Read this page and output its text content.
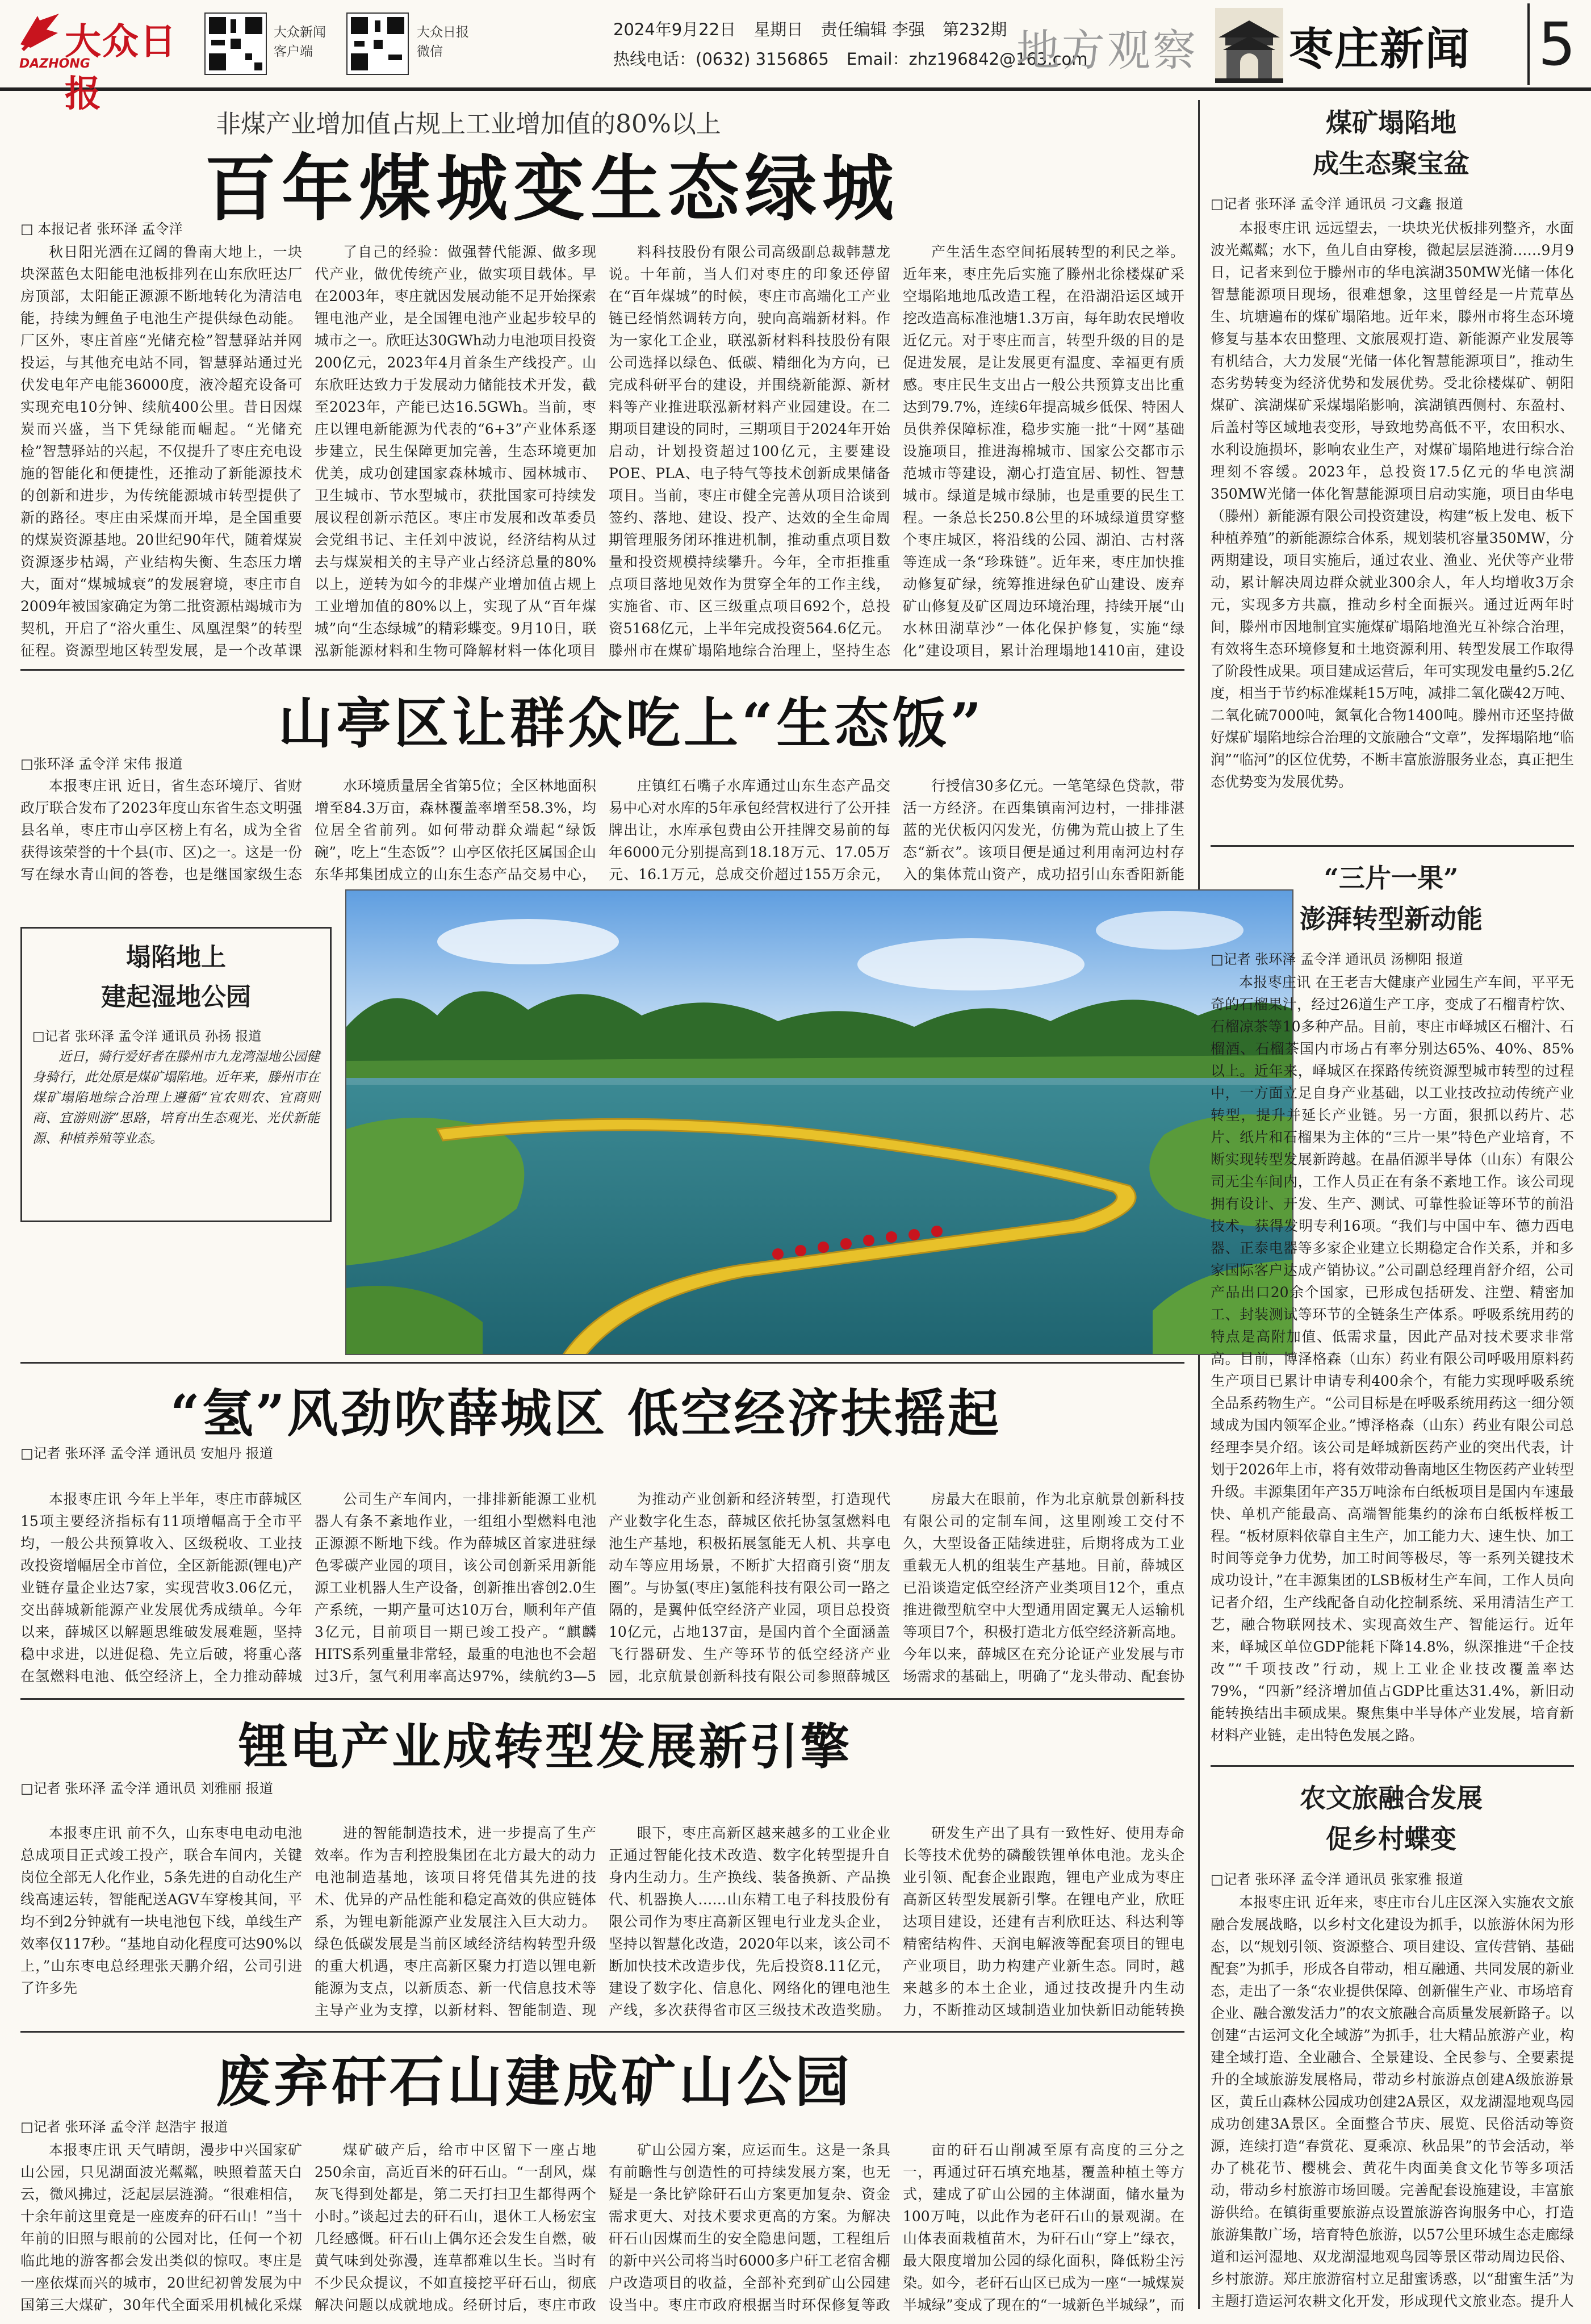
大众日报
DAZHONG
大众新闻客户端
大众日报微信
2024年9月22日 星期日 责任编辑 李强 第232期
热线电话：(0632) 3156865 Email：zhz196842@163.com
地方观察 枣庄新闻 5
非煤产业增加值占规上工业增加值的80%以上
百年煤城变生态绿城
□ 本报记者 张环泽 孟令洋
秋日阳光洒在辽阔的鲁南大地上，一块块深蓝色太阳能电池板排列在山东欣旺达厂房顶部，太阳能正源源不断地转化为清洁电能，持续为鲤鱼子电池生产提供绿色动能。厂区外，枣庄首座“光储充检”智慧驿站并网投运，与其他充电站不同，智慧驿站通过光伏发电年产电能36000度，液冷超充设备可实现充电10分钟、续航400公里。昔日因煤炭而兴盛，当下凭绿能而崛起。“光储充检”智慧驿站的兴起，不仅提升了枣庄充电设施的智能化和便捷性，还推动了新能源技术的创新和进步，为传统能源城市转型提供了新的路径。枣庄由采煤而开埠，是全国重要的煤炭资源基地。20世纪90年代，随着煤炭资源逐步枯竭，产业结构失衡、生态压力增大，面对“煤城城衰”的发展窘境，枣庄市自2009年被国家确定为第二批资源枯竭城市为契机，开启了“浴火重生、凤凰涅槃”的转型征程。资源型地区转型发展，是一个改革课
了自己的经验：做强替代能源、做多现代产业，做优传统产业，做实项目载体。早在2003年，枣庄就因发展动能不足开始探索锂电池产业，是全国锂电池产业起步较早的城市之一。欣旺达30GWh动力电池项目投资200亿元，2023年4月首条生产线投产。山东欣旺达致力于发展动力储能技术开发，截至2023年，产能已达16.5GWh。当前，枣庄以锂电新能源为代表的“6+3”产业体系逐步建立，民生保障更加完善，生态环境更加优美，成功创建国家森林城市、园林城市、卫生城市、节水型城市，获批国家可持续发展议程创新示范区。枣庄市发展和改革委员会党组书记、主任刘中波说，经济结构从过去与煤炭相关的主导产业占经济总量的80%以上，逆转为如今的非煤产业增加值占规上工业增加值的80%以上，实现了从“百年煤城”向“生态绿城”的精彩蝶变。9月10日，联泓新能源材料和生物可降解材料一体化项目
料科技股份有限公司高级副总裁韩慧龙说。十年前，当人们对枣庄的印象还停留在“百年煤城”的时候，枣庄市高端化工产业链已经悄然调转方向，驶向高端新材料。作为一家化工企业，联泓新材料科技股份有限公司选择以绿色、低碳、精细化为方向，已完成科研平台的建设，并围绕新能源、新材料等产业推进联泓新材料产业园建设。在二期项目建设的同时，三期项目于2024年开始启动，计划投资超过100亿元，主要建设POE、PLA、电子特气等技术创新成果储备项目。当前，枣庄市健全完善从项目洽谈到签约、落地、建设、投产、达效的全生命周期管理服务闭环推进机制，推动重点项目数量和投资规模持续攀升。今年，全市拒推重点项目落地见效作为贯穿全年的工作主线，实施省、市、区三级重点项目692个，总投资5168亿元，上半年完成投资564.6亿元。滕州市在煤矿塌陷地综合治理上，坚持生态
产生活生态空间拓展转型的利民之举。近年来，枣庄先后实施了滕州北徐楼煤矿采空塌陷地地瓜改造工程，在沿湖沿运区域开挖改造高标准池塘1.3万亩，每年助农民增收近亿元。对于枣庄而言，转型升级的目的是促进发展，是让发展更有温度、幸福更有质感。枣庄民生支出占一般公共预算支出比重达到79.7%，连续6年提高城乡低保、特困人员供养保障标准，稳步实施一批“十网”基础设施项目，推进海棉城市、国家公交都市示范城市等建设，潮心打造宜居、韧性、智慧城市。绿道是城市绿肺，也是重要的民生工程。一条总长250.8公里的环城绿道贯穿整个枣庄城区，将沿线的公园、湖泊、古村落等连成一条“珍珠链”。近年来，枣庄加快推动修复矿绿，统筹推进绿色矿山建设、废弃矿山修复及矿区周边环境治理，持续开展“山水林田湖草沙”一体化保护修复，实施“绿化”建设项目，累计治理塌地1410亩，建设
煤矿塌陷地
成生态聚宝盆
□记者 张环泽 孟令洋 通讯员 刁文鑫 报道
本报枣庄讯 远远望去，一块块光伏板排列整齐，水面波光粼粼；水下，鱼儿自由穿梭，微起层层涟漪……9月9日，记者来到位于滕州市的华电滨湖350MW光储一体化智慧能源项目现场，很难想象，这里曾经是一片荒草丛生、坑塘遍布的煤矿塌陷地。近年来，滕州市将生态环境修复与基本农田整理、文旅展观打造、新能源产业发展等有机结合，大力发展“光储一体化智慧能源项目”，推动生态劣势转变为经济优势和发展优势。受北徐楼煤矿、朝阳煤矿、滨湖煤矿采煤塌陷影响，滨湖镇西侧村、东盈村、后盖村等区域地表变形，导致地势高低不平，农田积水、水利设施损坏，影响农业生产，对煤矿塌陷地进行综合治理刻不容缓。2023年，总投资17.5亿元的华电滨湖350MW光储一体化智慧能源项目启动实施，项目由华电（滕州）新能源有限公司投资建设，构建“板上发电、板下种植养殖”的新能源综合体系，规划装机容量350MW，分两期建设，项目实施后，通过农业、渔业、光伏等产业带动，累计解决周边群众就业300余人，年人均增收3万余元，实现多方共赢，推动乡村全面振兴。通过近两年时间，滕州市因地制宜实施煤矿塌陷地渔光互补综合治理，有效将生态环境修复和土地资源利用、转型发展工作取得了阶段性成果。项目建成运营后，年可实现发电量约5.2亿度，相当于节约标准煤耗15万吨，减排二氧化碳42万吨、二氧化硫7000吨，氮氧化合物1400吨。滕州市还坚持做好煤矿塌陷地综合治理的文旅融合“文章”，发挥塌陷地“临润”“临河”的区位优势，不断丰富旅游服务业态，真正把生态优势变为发展优势。
山亭区让群众吃上“生态饭”
□张环泽 孟令洋 宋伟 报道
本报枣庄讯 近日，省生态环境厅、省财政厅联合发布了2023年度山东省生态文明强县名单，枣庄市山亭区榜上有名，成为全省获得该荣誉的十个县(市、区)之一。这是一份写在绿水青山间的答卷，也是继国家级生态
水环境质量居全省第5位；全区林地面积增至84.3万亩，森林覆盖率增至58.3%，均位居全省前列。如何带动群众端起“绿饭碗”，吃上“生态饭”？山亭区依托区属国企山东华邦集团成立的山东生态产品交易中心，
庄镇红石嘴子水库通过山东生态产品交易中心对水库的5年承包经营权进行了公开挂牌出让，水库承包费由公开挂牌交易前的每年6000元分别提高到18.18万元、17.05万元、16.1万元，总成交价超过155万余元，
行授信30多亿元。一笔笔绿色贷款，带活一方经济。在西集镇南河边村，一排排湛蓝的光伏板闪闪发光，仿佛为荒山披上了生态“新衣”。该项目便是通过利用南河边村存入的集体荒山资产，成功招引山东香阳新能
塌陷地上
建起湿地公园
□记者 张环泽 孟令洋 通讯员 孙扬 报道
近日，骑行爱好者在滕州市九龙湾湿地公园健身骑行，此处原是煤矿塌陷地。近年来，滕州市在煤矿塌陷地综合治理上遵循“宜农则农、宜商则商、宜游则游”思路，培育出生态观光、光伏新能源、种植养殖等业态。
“三片一果”
澎湃转型新动能
□记者 张环泽 孟令洋 通讯员 汤柳阳 报道
本报枣庄讯 在王老吉大健康产业园生产车间，平平无奇的石榴果汁，经过26道生产工序，变成了石榴青柠饮、石榴凉茶等10多种产品。目前，枣庄市峄城区石榴汁、石榴酒、石榴茶国内市场占有率分别达65%、40%、85%以上。近年来，峄城区在探路传统资源型城市转型的过程中，一方面立足自身产业基础，以工业技改拉动传统产业转型，提升并延长产业链。另一方面，狠抓以药片、芯片、纸片和石榴果为主体的“三片一果”特色产业培育，不断实现转型发展新跨越。在晶佰源半导体（山东）有限公司无尘车间内，工作人员正在有条不紊地工作。该公司现拥有设计、开发、生产、测试、可靠性验证等环节的前沿技术，获得发明专利16项。“我们与中国中车、德力西电器、正泰电器等多家企业建立长期稳定合作关系，并和多家国际客户达成产销协议。”公司副总经理肖舒介绍，公司产品出口20余个国家，已形成包括研发、注塑、精密加工、封装测试等环节的全链条生产体系。呼吸系统用药的特点是高附加值、低需求量，因此产品对技术要求非常高。目前，博泽格森（山东）药业有限公司呼吸用原料药生产项目已累计申请专利400余个，有能力实现呼吸系统全品系药物生产。“公司目标是在呼吸系统用药这一细分领域成为国内领军企业。”博泽格森（山东）药业有限公司总经理李昊介绍。该公司是峄城新医药产业的突出代表，计划于2026年上市，将有效带动鲁南地区生物医药产业转型升级。丰源集团年产35万吨涂布白纸板项目是国内车速最快、单机产能最高、高端智能集约的涂布白纸板样板工程。“板材原料依靠自主生产，加工能力大、速生快、加工时间等竞争力优势，加工时间等极尽，等一系列关键技术成功设计，”在丰源集团的LSB板材生产车间，工作人员向记者介绍，生产线配备自动化控制系统、采用清洁生产工艺，融合物联网技术、实现高效生产、智能运行。近年来，峄城区单位GDP能耗下降14.8%，纵深推进“千企技改”“千项技改”行动，规上工业企业技改覆盖率达79%，“四新”经济增加值占GDP比重达31.4%，新旧动能转换结出丰硕成果。聚焦集中半导体产业发展，培育新材料产业链，走出特色发展之路。
“氢”风劲吹薛城区 低空经济扶摇起
□记者 张环泽 孟令洋 通讯员 安旭丹 报道
本报枣庄讯 今年上半年，枣庄市薛城区15项主要经济指标有11项增幅高于全市平均，一般公共预算收入、区级税收、工业技改投资增幅居全市首位，全区新能源(锂电)产业链存量企业达7家，实现营收3.06亿元，交出薛城新能源产业发展优秀成绩单。今年以来，薛城区以解题思维破发展难题，坚持稳中求进，以进促稳、先立后破，将重心落在氢燃料电池、低空经济上，全力推动薛城
公司生产车间内，一排排新能源工业机器人有条不紊地作业，一组组小型燃料电池正源源不断地下线。作为薛城区首家进驻绿色零碳产业园的项目，该公司创新采用新能源工业机器人生产设备，创新推出睿创2.0生产系统，一期产量可达10万台，顺利年产值3亿元，目前项目一期已竣工投产。“麒麟HITS系列重量非常轻，最重的电池也不会超过3斤，氢气利用率高达97%，续航约3—5
为推动产业创新和经济转型，打造现代产业数字化生态，薛城区依托协氢氢燃料电池生产基地，积极拓展氢能无人机、共享电动车等应用场景，不断扩大招商引资“朋友圈”。与协氢(枣庄)氢能科技有限公司一路之隔的，是翼仲低空经济产业园，项目总投资10亿元，占地137亩，是国内首个全面涵盖飞行器研发、生产等环节的低空经济产业园，北京航景创新科技有限公司参照薛城区
房最大在眼前，作为北京航景创新科技有限公司的定制车间，这里刚竣工交付不久，大型设备正陆续进驻，后期将成为工业重载无人机的组装生产基地。目前，薛城区已沿谈造定低空经济产业类项目12个，重点推进微型航空中大型通用固定翼无人运输机等项目7个，积极打造北方低空经济新高地。今年以来，薛城区在充分论证产业发展与市场需求的基础上，明确了“龙头带动、配套协
锂电产业成转型发展新引擎
□记者 张环泽 孟令洋 通讯员 刘雅丽 报道
本报枣庄讯 前不久，山东枣电电动电池总成项目正式竣工投产，联合车间内，关键岗位全部无人化作业，5条先进的自动化生产线高速运转，智能配送AGV车穿梭其间，平均不到2分钟就有一块电池包下线，单线生产效率仅117秒。“基地自动化程度可达90%以上，”山东枣电总经理张天鹏介绍，公司引进了许多先
进的智能制造技术，进一步提高了生产效率。作为吉利控股集团在北方最大的动力电池制造基地，该项目将凭借其先进的技术、优异的产品性能和稳定高效的供应链体系，为锂电新能源产业发展注入巨大动力。绿色低碳发展是当前区域经济结构转型升级的重大机遇，枣庄高新区聚力打造以锂电新能源为支点，以新质态、新一代信息技术等主导产业为支撑，以新材料、智能制造、现
眼下，枣庄高新区越来越多的工业企业正通过智能化技术改造、数字化转型提升自身内生动力。生产换线、装备换新、产品换代、机器换人……山东精工电子科技股份有限公司作为枣庄高新区锂电行业龙头企业，坚持以智慧化改造，2020年以来，该公司不断加快技术改造步伐，先后投资8.11亿元，建设了数字化、信息化、网络化的锂电池生产线，多次获得省市区三级技术改造奖励。
研发生产出了具有一致性好、使用寿命长等技术优势的磷酸铁锂单体电池。龙头企业引领、配套企业跟跑，锂电产业成为枣庄高新区转型发展新引擎。在锂电产业，欣旺达项目建设，还建有吉利欣旺达、科达利等精密结构件、天润电解液等配套项目的锂电产业项目，助力构建产业新生态。同时，越来越多的本土企业，通过技改提升内生动力，不断推动区域制造业加快新旧动能转换
农文旅融合发展
促乡村蝶变
□记者 张环泽 孟令洋 通讯员 张家雅 报道
本报枣庄讯 近年来，枣庄市台儿庄区深入实施农文旅融合发展战略，以乡村文化建设为抓手，以旅游休闲为形态，以“规划引领、资源整合、项目建设、宣传营销、基础配套”为抓手，形成各自带动，相互融通、共同发展的新业态，走出了一条“农业提供保障、创新催生产业、市场培育企业、融合激发活力”的农文旅融合高质量发展新路子。以创建“古运河文化全域游”为抓手，壮大精品旅游产业，构建全域打造、全业融合、全景建设、全民参与、全要素提升的全域旅游发展格局，带动乡村旅游点创建A级旅游景区，黄丘山森林公园成功创建2A景区，双龙湖湿地观鸟园成功创建3A景区。全面整合节庆、展览、民俗活动等资源，连续打造“春赏花、夏乘凉、秋品果”的节会活动，举办了桃花节、樱桃会、黄花牛肉面美食文化节等多项活动，带动乡村旅游市场回暖。完善配套设施建设，丰富旅游供给。在镇街重要旅游点设置旅游咨询服务中心，打造旅游集散广场，培育特色旅游，以57公里环城生态走廊绿道和运河湿地、双龙湖湿地观鸟园等景区带动周边民俗、乡村旅游。郑庄旅游宿村立足甜蜜诱惑，以“甜蜜生活”为主题打造运河农耕文化开发，形成现代文旅业态。提升人
废弃矸石山建成矿山公园
□记者 张环泽 孟令洋 赵浩宇 报道
本报枣庄讯 天气晴朗，漫步中兴国家矿山公园，只见湖面波光粼粼，映照着蓝天白云，微风拂过，泛起层层涟漪。“很难相信，十余年前这里竟是一座废弃的矸石山！”当十年前的旧照与眼前的公园对比，任何一个初临此地的游客都会发出类似的惊叹。枣庄是一座依煤而兴的城市，20世纪初曾发展为中国第三大煤矿，30年代全面采用机械化采煤
煤矿破产后，给市中区留下一座占地250余亩，高近百米的矸石山。“一刮风，煤灰飞得到处都是，第二天打扫卫生都得两个小时。”谈起过去的矸石山，退休工人杨宏宝几经感慨。矸石山上偶尔还会发生自燃，破黄气味到处弥漫，连草都难以生长。当时有不少民众提议，不如直接挖平矸石山，彻底解决问题以成就地成。经研讨后，枣庄市政
矿山公园方案，应运而生。这是一条具有前瞻性与创造性的可持续发展方案，也无疑是一条比铲除矸石山方案更加复杂、资金需求更大、对技术要求更高的方案。为解决矸石山因煤而生的安全隐患问题，工程组后的新中兴公司将当时6000多户矸工老宿舍棚户改造项目的收益，全部补充到矿山公园建设当中。枣庄市政府根据当时环保修复等政
亩的矸石山削减至原有高度的三分之一，再通过矸石填充地基，覆盖种植土等方式，建成了矿山公园的主体湖面，储水量为100万吨，以此作为老矸石山的景观湖。在山体表面栽植苗木，为矸石山“穿上”绿衣，最大限度增加公园的绿化面积，降低粉尘污染。如今，老矸石山区已成为一座“一城煤炭半城绿”变成了现在的“一城新色半城绿”，而
